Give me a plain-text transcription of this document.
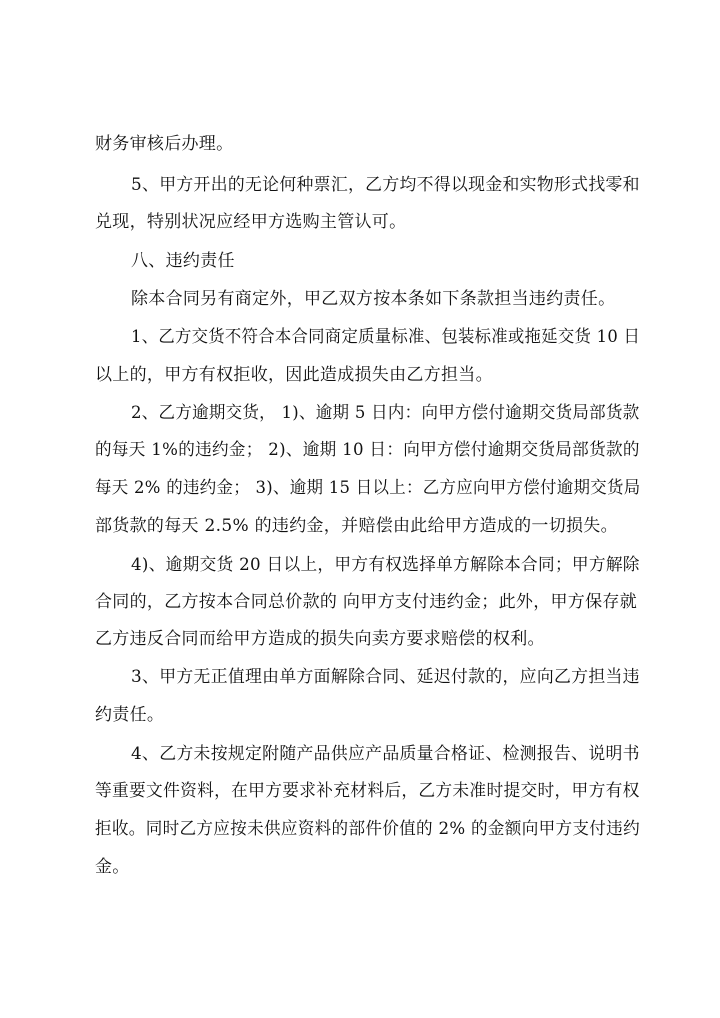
财务审核后办理。
5、甲方开出的无论何种票汇，乙方均不得以现金和实物形式找零和
兑现，特别状况应经甲方选购主管认可。
八、违约责任
除本合同另有商定外，甲乙双方按本条如下条款担当违约责任。
1、乙方交货不符合本合同商定质量标准、包装标准或拖延交货 10 日
以上的，甲方有权拒收，因此造成损失由乙方担当。
2、乙方逾期交货， 1)、逾期 5 日内：向甲方偿付逾期交货局部货款
的每天 1%的违约金； 2)、逾期 10 日：向甲方偿付逾期交货局部货款的
每天 2% 的违约金； 3)、逾期 15 日以上：乙方应向甲方偿付逾期交货局
部货款的每天 2.5% 的违约金，并赔偿由此给甲方造成的一切损失。
4)、逾期交货 20 日以上，甲方有权选择单方解除本合同；甲方解除
合同的，乙方按本合同总价款的 向甲方支付违约金；此外，甲方保存就
乙方违反合同而给甲方造成的损失向卖方要求赔偿的权利。
3、甲方无正值理由单方面解除合同、延迟付款的，应向乙方担当违
约责任。
4、乙方未按规定附随产品供应产品质量合格证、检测报告、说明书
等重要文件资料，在甲方要求补充材料后，乙方未准时提交时，甲方有权
拒收。同时乙方应按未供应资料的部件价值的 2% 的金额向甲方支付违约
金。
